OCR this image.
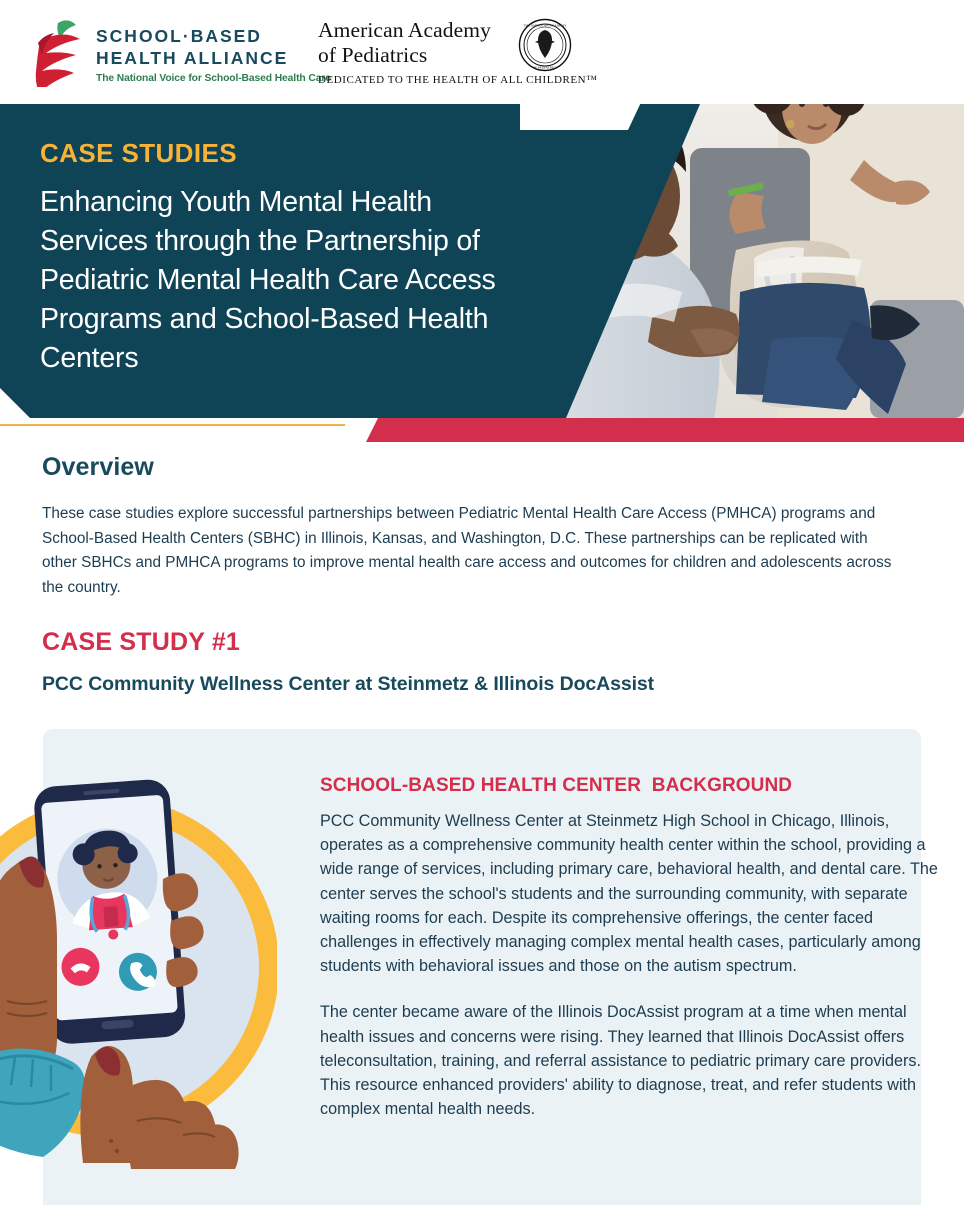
CASE STUDIES
Enhancing Youth Mental Health Services through the Partnership of Pediatric Mental Health Care Access Programs and School-Based Health Centers
SCHOOL·BASED
HEALTH ALLIANCE
The National Voice for School-Based Health Care
American Academy
of Pediatrics
THE AMERICAN ACADEMY
OF PEDIATRICS
DEDICATED TO THE HEALTH OF ALL CHILDREN™
Overview
These case studies explore successful partnerships between Pediatric Mental Health Care Access (PMHCA) programs and School-Based Health Centers (SBHC) in Illinois, Kansas, and Washington, D.C. These partnerships can be replicated with other SBHCs and PMHCA programs to improve mental health care access and outcomes for children and adolescents across the country.
CASE STUDY #1
PCC Community Wellness Center at Steinmetz & Illinois DocAssist
SCHOOL-BASED HEALTH CENTER  BACKGROUND
PCC Community Wellness Center at Steinmetz High School in Chicago, Illinois, operates as a comprehensive community health center within the school, providing a wide range of services, including primary care, behavioral health, and dental care. The center serves the school's students and the surrounding community, with separate waiting rooms for each. Despite its comprehensive offerings, the center faced challenges in effectively managing complex mental health cases, particularly among students with behavioral issues and those on the autism spectrum.
The center became aware of the Illinois DocAssist program at a time when mental health issues and concerns were rising. They learned that Illinois DocAssist offers teleconsultation, training, and referral assistance to pediatric primary care providers. This resource enhanced providers' ability to diagnose, treat, and refer students with complex mental health needs.
